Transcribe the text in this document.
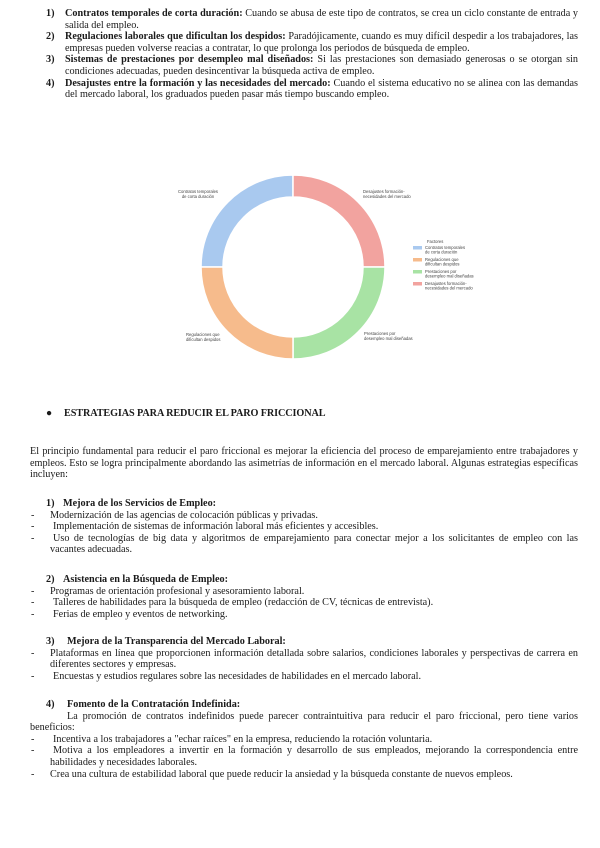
1) Contratos temporales de corta duración: Cuando se abusa de este tipo de contratos, se crea un ciclo constante de entrada y salida del empleo.
2) Regulaciones laborales que dificultan los despidos: Paradójicamente, cuando es muy difícil despedir a los trabajadores, las empresas pueden volverse reacias a contratar, lo que prolonga los periodos de búsqueda de empleo.
3) Sistemas de prestaciones por desempleo mal diseñados: Si las prestaciones son demasiado generosas o se otorgan sin condiciones adecuadas, pueden desincentivar la búsqueda activa de empleo.
4) Desajustes entre la formación y las necesidades del mercado: Cuando el sistema educativo no se alinea con las demandas del mercado laboral, los graduados pueden pasar más tiempo buscando empleo.
Contratos temporales
de corta duración
Desajustes formación-
necesidades del mercado
Prestaciones por
desempleo mal diseñadas
Regulaciones que
dificultan despidos
Factores
Contratos temporales
de corta duración
Regulaciones que
dificultan despidos
Prestaciones por
desempleo mal diseñadas
Desajustes formación-
necesidades del mercado
● ESTRATEGIAS PARA REDUCIR EL PARO FRICCIONAL
El principio fundamental para reducir el paro friccional es mejorar la eficiencia del proceso de emparejamiento entre trabajadores y empleos. Esto se logra principalmente abordando las asimetrías de información en el mercado laboral. Algunas estrategias específicas incluyen:
1) Mejora de los Servicios de Empleo:
- Modernización de las agencias de colocación públicas y privadas.
- Implementación de sistemas de información laboral más eficientes y accesibles.
- Uso de tecnologías de big data y algoritmos de emparejamiento para conectar mejor a los solicitantes de empleo con las vacantes adecuadas.
2) Asistencia en la Búsqueda de Empleo:
- Programas de orientación profesional y asesoramiento laboral.
- Talleres de habilidades para la búsqueda de empleo (redacción de CV, técnicas de entrevista).
- Ferias de empleo y eventos de networking.
3)	Mejora de la Transparencia del Mercado Laboral:
- Plataformas en línea que proporcionen información detallada sobre salarios, condiciones laborales y perspectivas de carrera en diferentes sectores y empresas.
- Encuestas y estudios regulares sobre las necesidades de habilidades en el mercado laboral.
4)	Fomento de la Contratación Indefinida:
La promoción de contratos indefinidos puede parecer contraintuitiva para reducir el paro friccional, pero tiene varios beneficios:
- Incentiva a los trabajadores a "echar raíces" en la empresa, reduciendo la rotación voluntaria.
- Motiva a los empleadores a invertir en la formación y desarrollo de sus empleados, mejorando la correspondencia entre habilidades y necesidades laborales.
- Crea una cultura de estabilidad laboral que puede reducir la ansiedad y la búsqueda constante de nuevos empleos.
